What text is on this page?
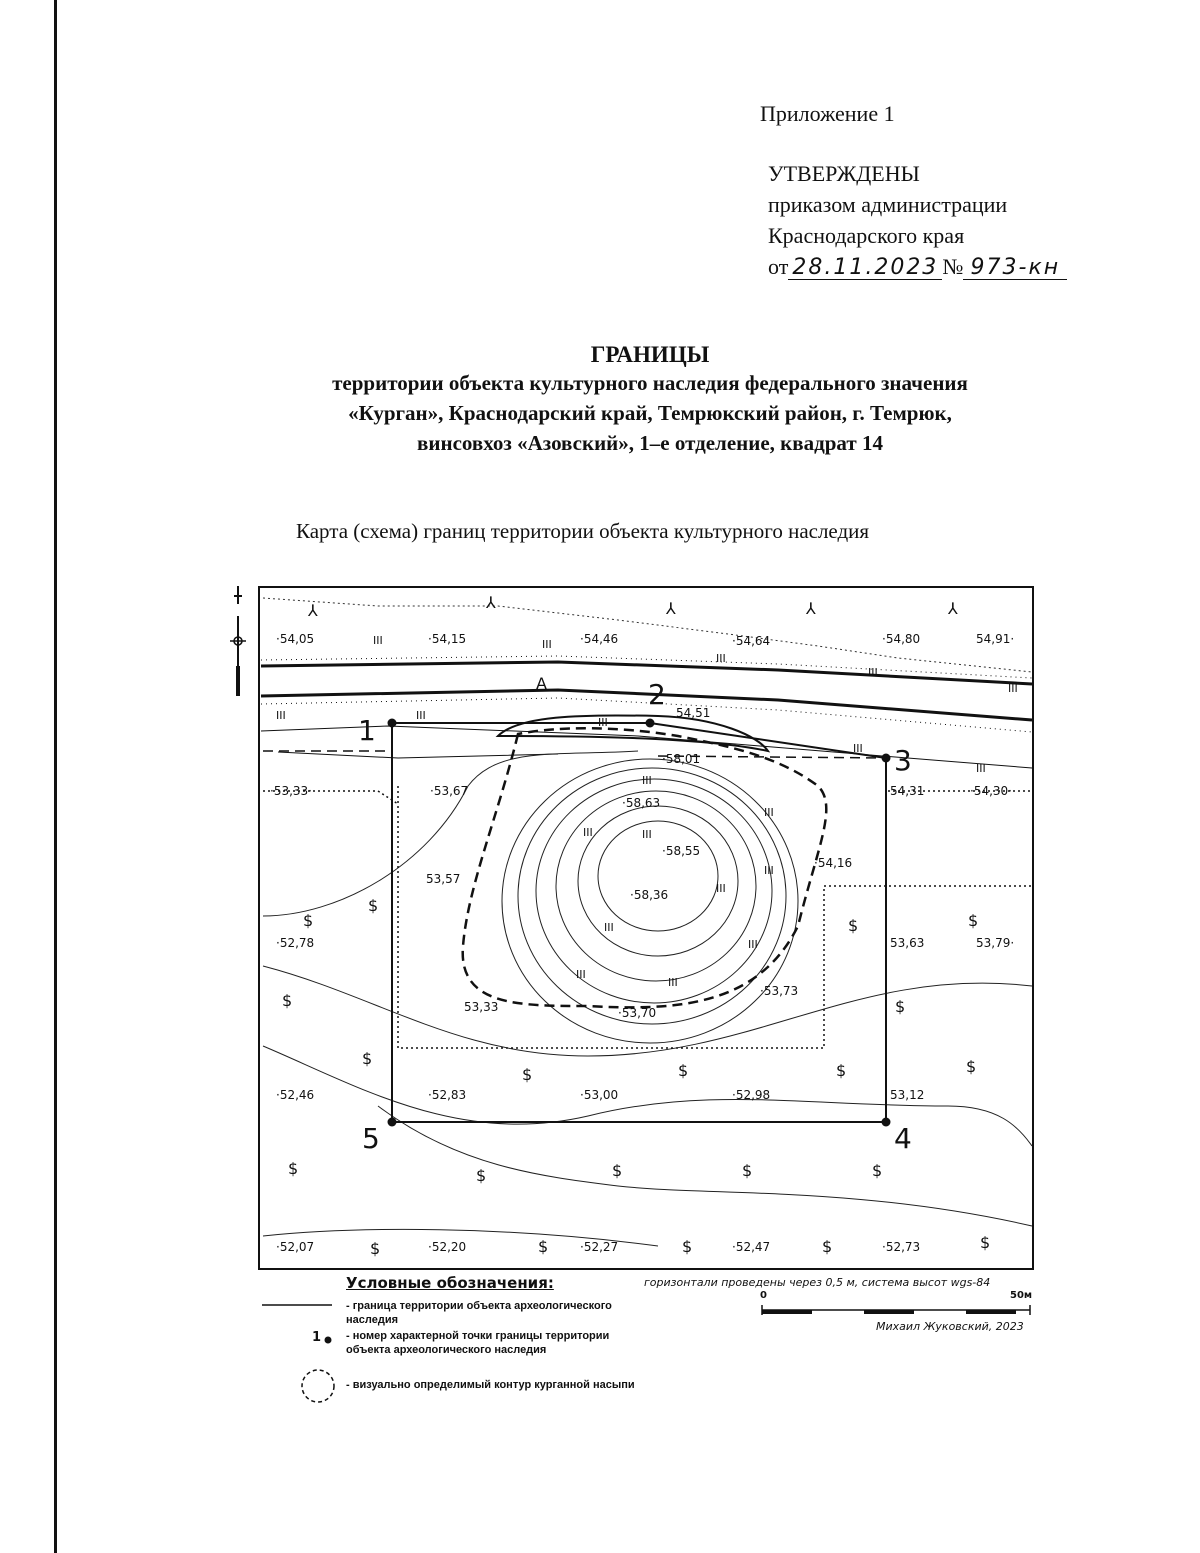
Приложение 1
УТВЕРЖДЕНЫ
приказом администрации
Краснодарского края
от 28.11.2023 № 973-кн
ГРАНИЦЫ
территории объекта культурного наследия федерального значения
«Курган», Краснодарский край, Темрюкский район, г. Темрюк,
винсовхоз «Азовский», 1–е отделение, квадрат 14
Карта (схема) границ территории объекта культурного наследия
⅄	⅄	⅄	⅄	⅄
$
$
$	$
$	$
$
$	$	$	$
$	$	$	$	$
$	$	$	$	$
III	III
III
III
III
III	III
III
III
III
III
III	III
III
III
III
III
III
III
III
1
2
3
4
5
А
·54,05	·54,15	·54,46	·54,64	·54,80	54,91·
54,51
·58,01
·53,33·	·53,67
·58,63
54,31	·54,30·
·58,55
53,57
·54,16
·58,36
·52,78	53,63	53,79·
53,33	·53,70
·53,73
·52,46	·52,83	·53,00	·52,98	53,12
·52,07	·52,20	·52,27	·52,47	·52,73
Условные обозначения:
- граница территории объекта археологического
наследия
1 - номер характерной точки границы территории
объекта археологического наследия
- визуально определимый контур курганной насыпи
горизонтали проведены через 0,5 м, система высот wgs-84
0	50м
Михаил Жуковский, 2023
